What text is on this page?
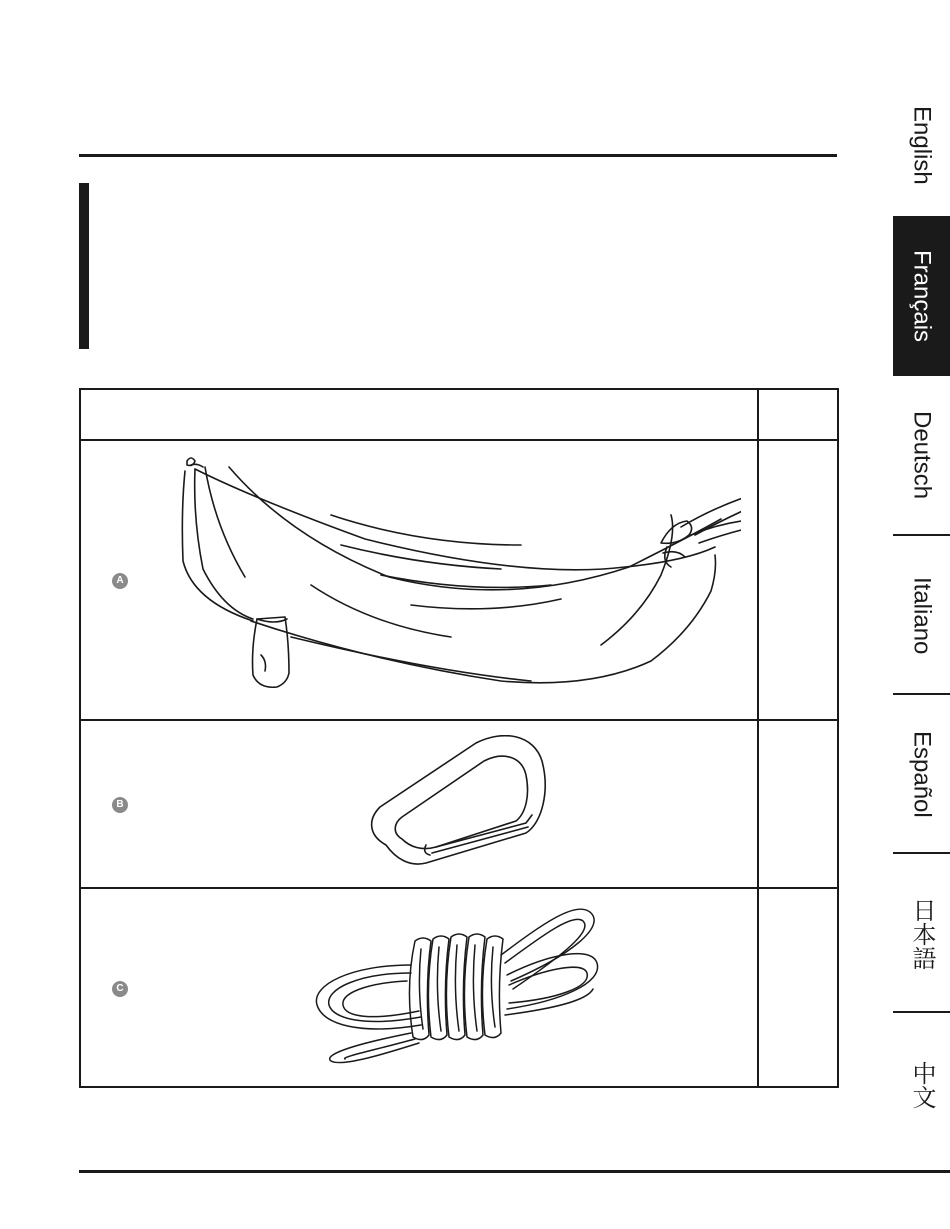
A
B
C
English
Français
Deutsch
Italiano
Español
日本語
中文
